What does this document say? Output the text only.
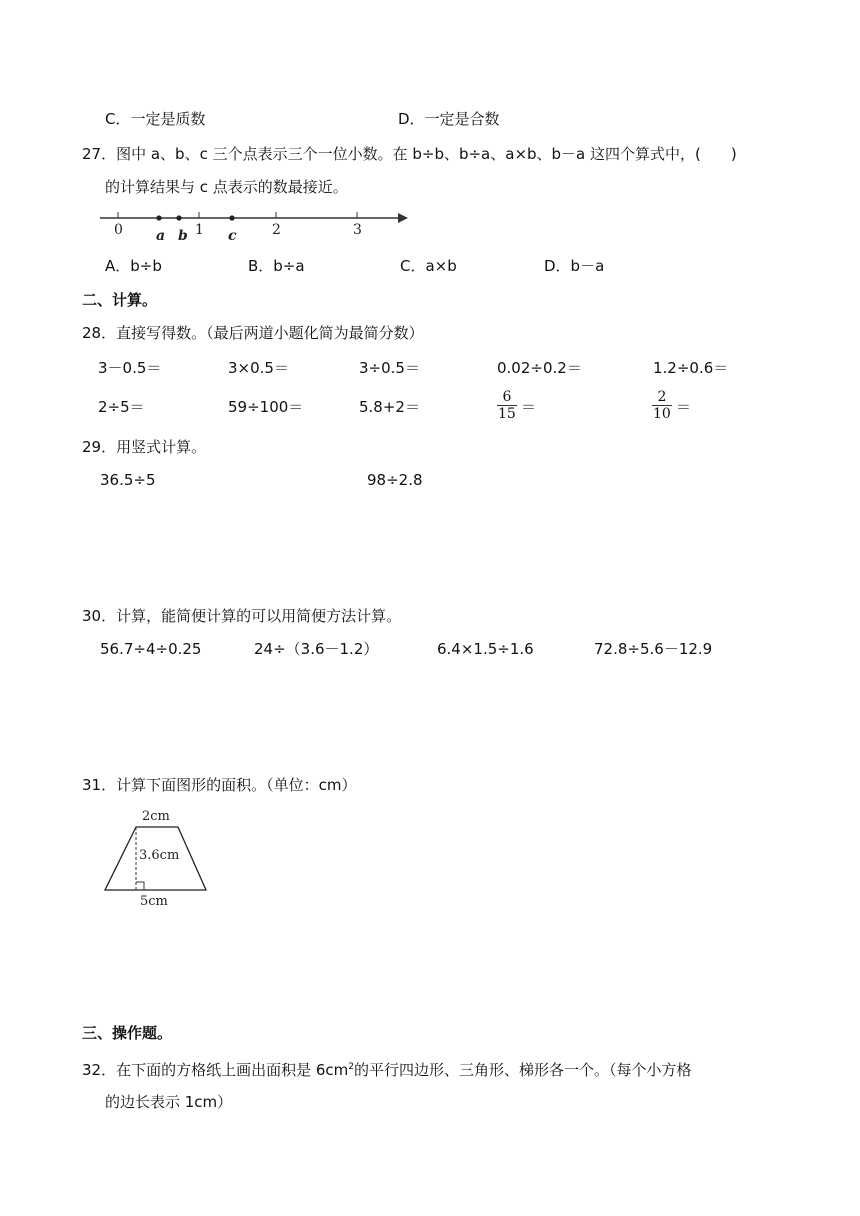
C．一定是质数	D．一定是合数
27．图中 a、b、c 三个点表示三个一位小数。在 b÷b、b÷a、a×b、b－a 这四个算式中，(　　)
的计算结果与 c 点表示的数最接近。
0	1	2	3
a b	c
A．b÷b	B．b÷a	C．a×b	D．b－a
二、计算。
28．直接写得数。（最后两道小题化简为最简分数）
3－0.5＝	3×0.5＝	3÷0.5＝	0.02÷0.2＝	1.2÷0.6＝
2÷5＝	59÷100＝	5.8+2＝	$\frac{6}{15}$ ＝	$\frac{2}{10}$ ＝
29．用竖式计算。
36.5÷5	98÷2.8
30．计算，能简便计算的可以用简便方法计算。
56.7÷4÷0.25	24÷（3.6－1.2）	6.4×1.5÷1.6	72.8÷5.6－12.9
31．计算下面图形的面积。（单位：cm）
2cm
3.6cm
5cm
三、操作题。
32．在下面的方格纸上画出面积是 $6cm^2$的平行四边形、三角形、梯形各一个。（每个小方格
的边长表示 1cm）
